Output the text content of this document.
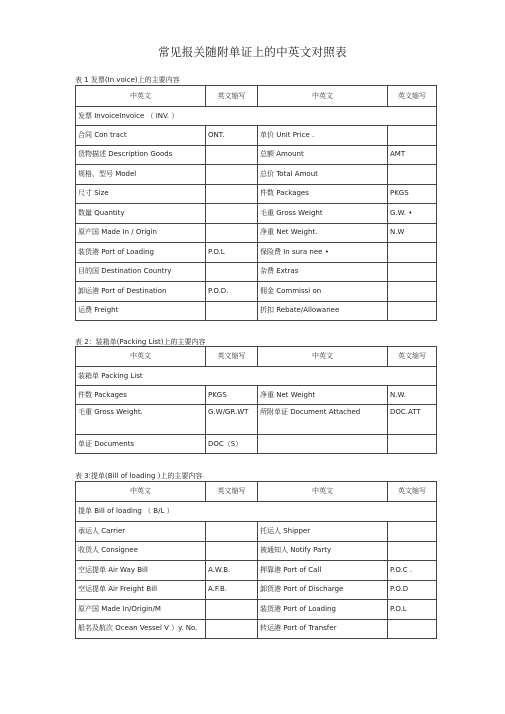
常见报关随附单证上的中英文对照表
表 1 发票(In voice)上的主要内容
中英文	英文缩写	中英文	英文缩写
发票 InvoiceInvoice （ INV. ）			
合同 Con tract	ONT.	单价 Unit Price .	
货物描述 Description Goods		总额 Amount	AMT
规格、型号 Model		总价 Total Amout	
尺寸 Size		件数 Packages	PKGS
数量 Quantity		毛重 Gross Weight	G.W. •
原产国 Made In / Origin		净重 Net Weight.	N.W
装货港 Port of Loading	P.O.L	保险费 In sura nee •	
目的国 Destination Country		杂费 Extras	
卸运港 Port of Destination	P.O.D.	佣金 Commissi on	
运费 Freight		折扣 Rebate/Allowanee	
表 2：装箱单(Packing List)上的主要内容
中英文	英文缩写	中英文	英文缩写
装箱单 Packing List			
件数 Packages	PKGS	净重 Net Weight	N.W.
毛重 Gross Weight.	G.W/GR.WT	所附单证 Document Attached	DOC.ATT
单证 Documents	DOC（S）		
表 3:提单(Bill of loading )上的主要内容
中英文	英文缩写	中英文	英文缩写
提单 Bill of loading （ B/L ）			
承运人 Carrier		托运人 Shipper	
收货人 Consignee		被通知人 Notify Party	
空运提单 Air Way Bill	A.W.B.	押靠港 Port of Call	P.O.C .
空运提单 Air Freight Bill	A.F.B.	卸货港 Port of Discharge	P.O.D
原产国 Made In/Origin/M		装货港 Port of Loading	P.O.L
船名及航次 Ocean Vessel V ）y. No.		转运港 Port of Transfer	
